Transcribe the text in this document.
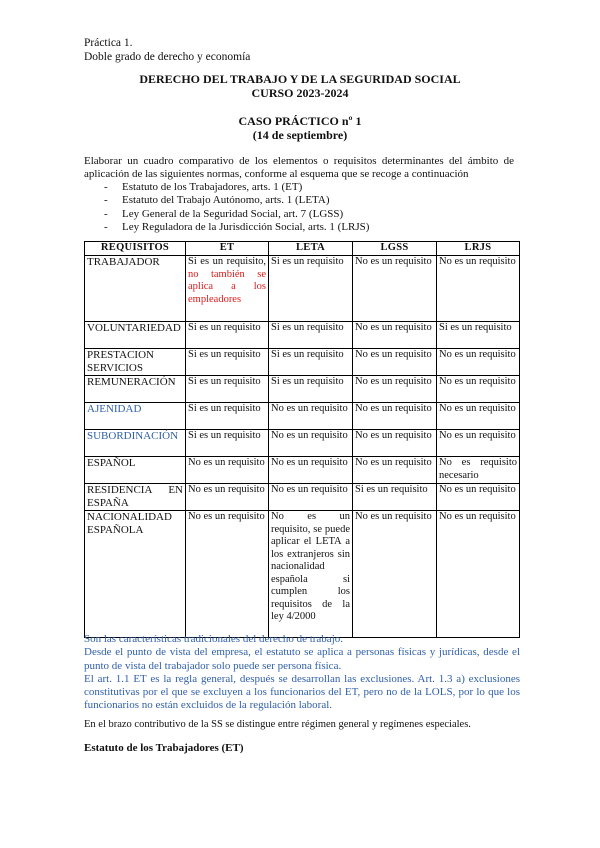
Práctica 1.
Doble grado de derecho y economía
DERECHO DEL TRABAJO Y DE LA SEGURIDAD SOCIAL
CURSO 2023-2024
CASO PRÁCTICO nº 1
(14 de septiembre)
Elaborar un cuadro comparativo de los elementos o requisitos determinantes del ámbito de aplicación de las siguientes normas, conforme al esquema que se recoge a continuación
- Estatuto de los Trabajadores, arts. 1 (ET)
- Estatuto del Trabajo Autónomo, arts. 1 (LETA)
- Ley General de la Seguridad Social, art. 7 (LGSS)
- Ley Reguladora de la Jurisdicción Social, arts. 1 (LRJS)
REQUISITOS	ET	LETA	LGSS	LRJS
TRABAJADOR	Si es un requisito, no también se aplica a los empleadores	Si es un requisito	No es un requisito	No es un requisito
VOLUNTARIEDAD	Si es un requisito	Si es un requisito	No es un requisito	Si es un requisito
PRESTACION SERVICIOS	Si es un requisito	Si es un requisito	No es un requisito	No es un requisito
REMUNERACIÓN	Si es un requisito	Si es un requisito	No es un requisito	No es un requisito
AJENIDAD	Si es un requisito	No es un requisito	No es un requisito	No es un requisito
SUBORDINACIÓN	Si es un requisito	No es un requisito	No es un requisito	No es un requisito
ESPAÑOL	No es un requisito	No es un requisito	No es un requisito	No es requisito necesario
RESIDENCIA EN ESPAÑA	No es un requisito	No es un requisito	Si es un requisito	No es un requisito
NACIONALIDAD ESPAÑOLA	No es un requisito	No es un requisito, se puede aplicar el LETA a los extranjeros sin nacionalidad española si cumplen los requisitos de la ley 4/2000	No es un requisito	No es un requisito

Son las características tradicionales del derecho de trabajo.

Desde el punto de vista del empresa, el estatuto se aplica a personas físicas y jurídicas, desde el punto de vista del trabajador solo puede ser persona física.

El art. 1.1 ET es la regla general, después se desarrollan las exclusiones. Art. 1.3 a) exclusiones constitutivas por el que se excluyen a los funcionarios del ET, pero no de la LOLS, por lo que los funcionarios no están excluidos de la regulación laboral.

En el brazo contributivo de la SS se distingue entre régimen general y regímenes especiales.
Estatuto de los Trabajadores (ET)
